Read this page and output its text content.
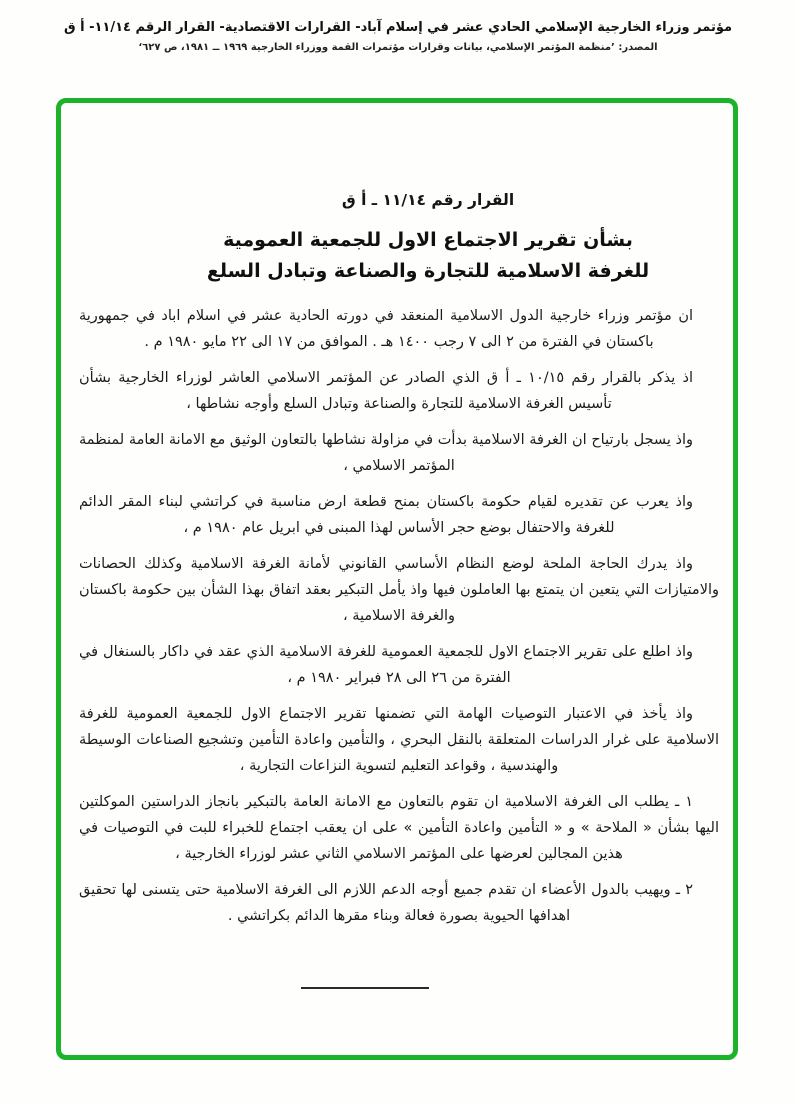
مؤتمر وزراء الخارجية الإسلامي الحادي عشر في إسلام آباد- القرارات الاقتصادية- القرار الرقم ١١/١٤- أ ق
المصدر: ’منظمة المؤتمر الإسلامي، بيانات وقرارات مؤتمرات القمة ووزراء الخارجية ١٩٦٩ ــ ١٩٨١، ص ٦٢٧‘
القرار رقم ١١/١٤ ـ أ ق
بشأن تقرير الاجتماع الاول للجمعية العمومية
للغرفة الاسلامية للتجارة والصناعة وتبادل السلع

ان مؤتمر وزراء خارجية الدول الاسلامية المنعقد في دورته الحادية عشر في اسلام اباد في جمهورية باكستان في الفترة من ٢ الى ٧ رجب ١٤٠٠ هـ . الموافق من ١٧ الى ٢٢ مايو ١٩٨٠ م .

اذ يذكر بالقرار رقم ١٠/١٥ ـ أ ق الذي الصادر عن المؤتمر الاسلامي العاشر لوزراء الخارجية بشأن تأسيس الغرفة الاسلامية للتجارة والصناعة وتبادل السلع وأوجه نشاطها ،

واذ يسجل بارتياح ان الغرفة الاسلامية بدأت في مزاولة نشاطها بالتعاون الوثيق مع الامانة العامة لمنظمة المؤتمر الاسلامي ،

واذ يعرب عن تقديره لقيام حكومة باكستان بمنح قطعة ارض مناسبة في كراتشي لبناء المقر الدائم للغرفة والاحتفال بوضع حجر الأساس لهذا المبنى في ابريل عام ١٩٨٠ م ،

واذ يدرك الحاجة الملحة لوضع النظام الأساسي القانوني لأمانة الغرفة الاسلامية وكذلك الحصانات والامتيازات التي يتعين ان يتمتع بها العاملون فيها واذ يأمل التبكير بعقد اتفاق بهذا الشأن بين حكومة باكستان والغرفة الاسلامية ،

واذ اطلع على تقرير الاجتماع الاول للجمعية العمومية للغرفة الاسلامية الذي عقد في داكار بالسنغال في الفترة من ٢٦ الى ٢٨ فبراير ١٩٨٠ م ،

واذ يأخذ في الاعتبار التوصيات الهامة التي تضمنها تقرير الاجتماع الاول للجمعية العمومية للغرفة الاسلامية على غرار الدراسات المتعلقة بالنقل البحري ، والتأمين واعادة التأمين وتشجيع الصناعات الوسيطة والهندسية ، وقواعد التعليم لتسوية النزاعات التجارية ،

١ ـ يطلب الى الغرفة الاسلامية ان تقوم بالتعاون مع الامانة العامة بالتبكير بانجاز الدراستين الموكلتين اليها بشأن « الملاحة » و « التأمين واعادة التأمين » على ان يعقب اجتماع للخبراء للبت في التوصيات في هذين المجالين لعرضها على المؤتمر الاسلامي الثاني عشر لوزراء الخارجية ،

٢ ـ ويهيب بالدول الأعضاء ان تقدم جميع أوجه الدعم اللازم الى الغرفة الاسلامية حتى يتسنى لها تحقيق اهدافها الحيوية بصورة فعالة وبناء مقرها الدائم بكراتشي .
